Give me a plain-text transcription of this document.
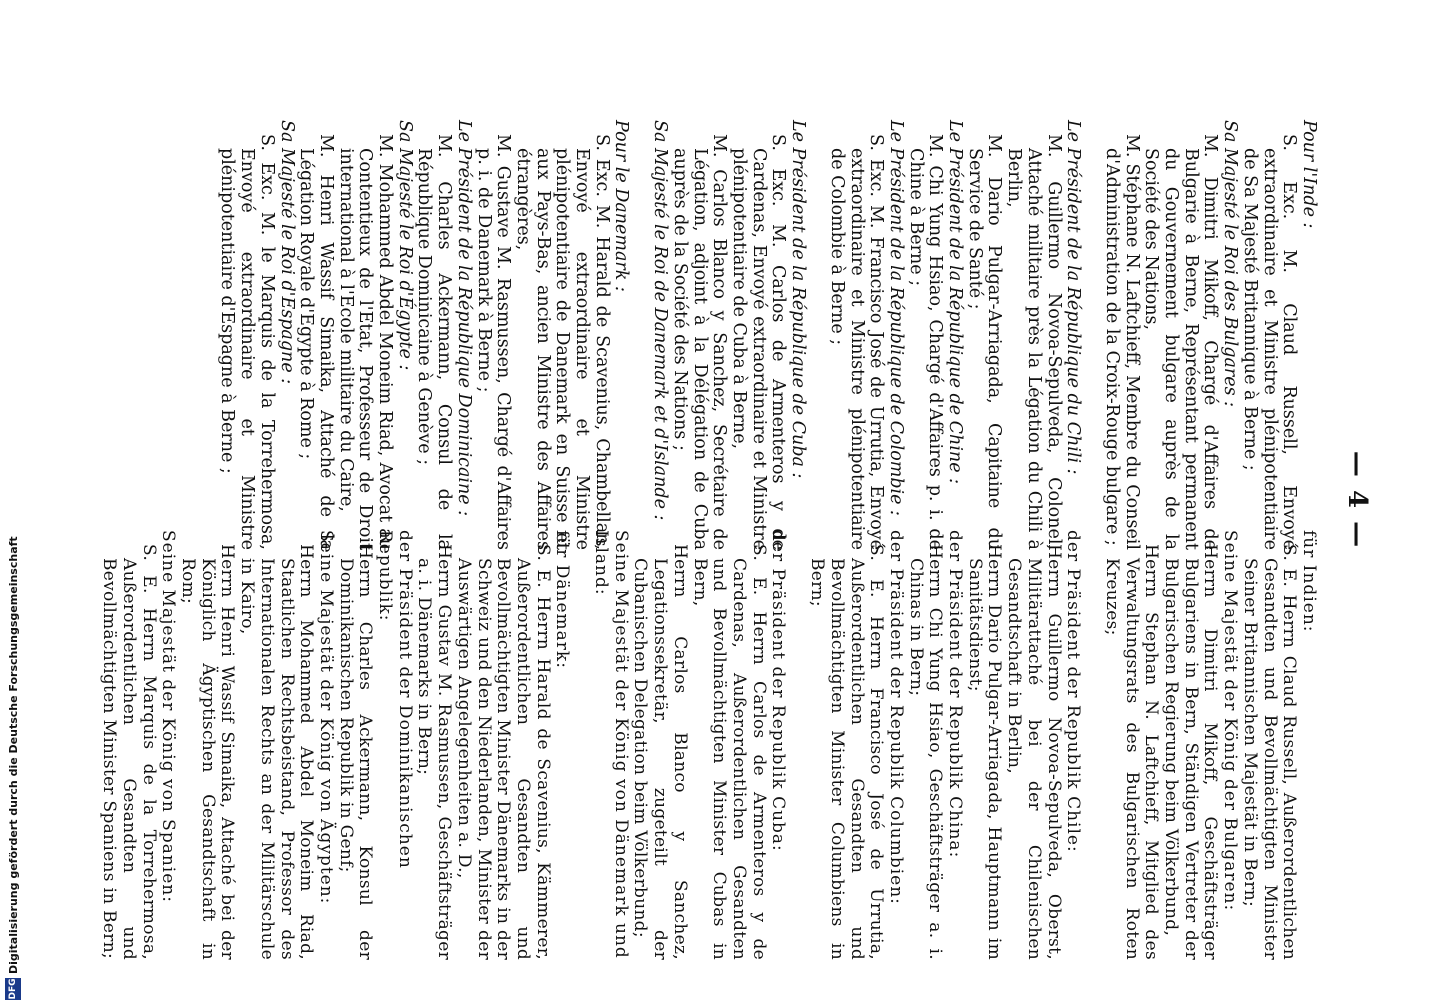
— 4 —

Pour l'Inde :

S. Exc. M. Claud Russell, Envoyé extraordinaire et Ministre plénipotentiaire de Sa Majesté Britannique à Berne ;

Sa Majesté le Roi des Bulgares :

M. Dimitri Mikoff, Chargé d'Affaires de Bulgarie à Berne, Représentant permanent du Gouvernement bulgare auprès de la Société des Nations,

M. Stéphane N. Laftchieff, Membre du Conseil d'Administration de la Croix-Rouge bulgare ;

Le Président de la République du Chili :

M. Guillermo Novoa-Sepulveda, Colonel, Attaché militaire près la Légation du Chili à Berlin,

M. Dario Pulgar-Arriagada, Capitaine du Service de Santé ;

Le Président de la République de Chine :

M. Chi Yung Hsiao, Chargé d'Affaires p. i. de Chine à Berne ;

Le Président de la République de Colombie :

S. Exc. M. Francisco José de Urrutia, Envoyé extraordinaire et Ministre plénipotentiaire de Colombie à Berne ;

Le Président de la République de Cuba :

S. Exc. M. Carlos de Armenteros y de Cardenas, Envoyé extraordinaire et Ministre plénipotentiaire de Cuba à Berne,

M. Carlos Blanco y Sanchez, Secrétaire de Légation, adjoint à la Délégation de Cuba auprès de la Société des Nations ;

Sa Majesté le Roi de Danemark et d'Islande :

Pour le Danemark :

S. Exc. M. Harald de Scavenius, Chambellan, Envoyé extraordinaire et Ministre plénipotentiaire de Danemark en Suisse et aux Pays-Bas, ancien Ministre des Affaires étrangères,

M. Gustave M. Rasmussen, Chargé d'Affaires p. i. de Danemark à Berne ;

Le Président de la République Dominicaine :

M. Charles Ackermann, Consul de la République Dominicaine à Genève ;

Sa Majesté le Roi d'Égypte :

M. Mohammed Abdel Moneim Riad, Avocat au Contentieux de l'Etat, Professeur de Droit international à l'Ecole militaire du Caire,

M. Henri Wassif Simaika, Attaché de la Légation Royale d'Egypte à Rome ;

Sa Majesté le Roi d'Espagne :

S. Exc. M. le Marquis de la Torrehermosa, Envoyé extraordinaire et Ministre plénipotentiaire d'Espagne à Berne ;

für Indien:

S. E. Herrn Claud Russell, Außerordentlichen Gesandten und Bevollmächtigten Minister Seiner Britannischen Majestät in Bern;

Seine Majestät der König der Bulgaren:

Herrn Dimitri Mikoff, Geschäftsträger Bulgariens in Bern, Ständigen Vertreter der Bulgarischen Regierung beim Völkerbund,

Herrn Stephan N. Laftchieff, Mitglied des Verwaltungsrats des Bulgarischen Roten Kreuzes;

der Präsident der Republik Chile:

Herrn Guillermo Novoa-Sepulveda, Oberst, Militärattaché bei der Chilenischen Gesandtschaft in Berlin,

Herrn Dario Pulgar-Arriagada, Hauptmann im Sanitätsdienst;

der Präsident der Republik China:

Herrn Chi Yung Hsiao, Geschäftsträger a. i. Chinas in Bern;

der Präsident der Republik Columbien:

S. E. Herrn Francisco José de Urrutia, Außerordentlichen Gesandten und Bevollmächtigten Minister Columbiens in Bern;

der Präsident der Republik Cuba:

S. E. Herrn Carlos de Armenteros y de Cardenas, Außerordentlichen Gesandten und Bevollmächtigten Minister Cubas in Bern,

Herrn Carlos Blanco y Sanchez, Legationssekretär, zugeteilt der Cubanischen Delegation beim Völkerbund;

Seine Majestät der König von Dänemark und Island:

für Dänemark:

S. E. Herrn Harald de Scavenius, Kämmerer, Außerordentlichen Gesandten und Bevollmächtigten Minister Dänemarks in der Schweiz und den Niederlanden, Minister der Auswärtigen Angelegenheiten a. D.,

Herrn Gustav M. Rasmussen, Geschäftsträger a. i. Dänemarks in Bern;

der Präsident der Dominikanischen Republik:

Herrn Charles Ackermann, Konsul der Dominikanischen Republik in Genf;

Seine Majestät der König von Ägypten:

Herrn Mohammed Abdel Moneim Riad, Staatlichen Rechtsbeistand, Professor des Internationalen Rechts an der Militärschule in Kairo,

Herrn Henri Wassif Simaika, Attaché bei der Königlich Ägyptischen Gesandtschaft in Rom;

Seine Majestät der König von Spanien:

S. E. Herrn Marquis de la Torrehermosa, Außerordentlichen Gesandten und Bevollmächtigten Minister Spaniens in Bern;

DFG
Digitalisierung gefördert durch die Deutsche Forschungsgemeinschaft
